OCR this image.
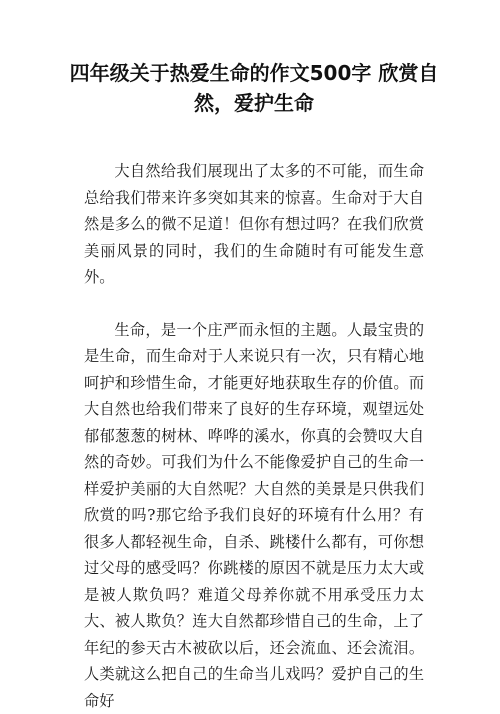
四年级关于热爱生命的作文500字 欣赏自然，爱护生命

大自然给我们展现出了太多的不可能，而生命总给我们带来许多突如其来的惊喜。生命对于大自然是多么的微不足道！但你有想过吗？在我们欣赏美丽风景的同时，我们的生命随时有可能发生意外。

生命，是一个庄严而永恒的主题。人最宝贵的是生命，而生命对于人来说只有一次，只有精心地呵护和珍惜生命，才能更好地获取生存的价值。而大自然也给我们带来了良好的生存环境，观望远处郁郁葱葱的树林、哗哗的溪水，你真的会赞叹大自然的奇妙。可我们为什么不能像爱护自己的生命一样爱护美丽的大自然呢？大自然的美景是只供我们欣赏的吗?那它给予我们良好的环境有什么用？有很多人都轻视生命，自杀、跳楼什么都有，可你想过父母的感受吗？你跳楼的原因不就是压力太大或是被人欺负吗？难道父母养你就不用承受压力太大、被人欺负？连大自然都珍惜自己的生命，上了年纪的参天古木被砍以后，还会流血、还会流泪。人类就这么把自己的生命当儿戏吗？爱护自己的生命好
